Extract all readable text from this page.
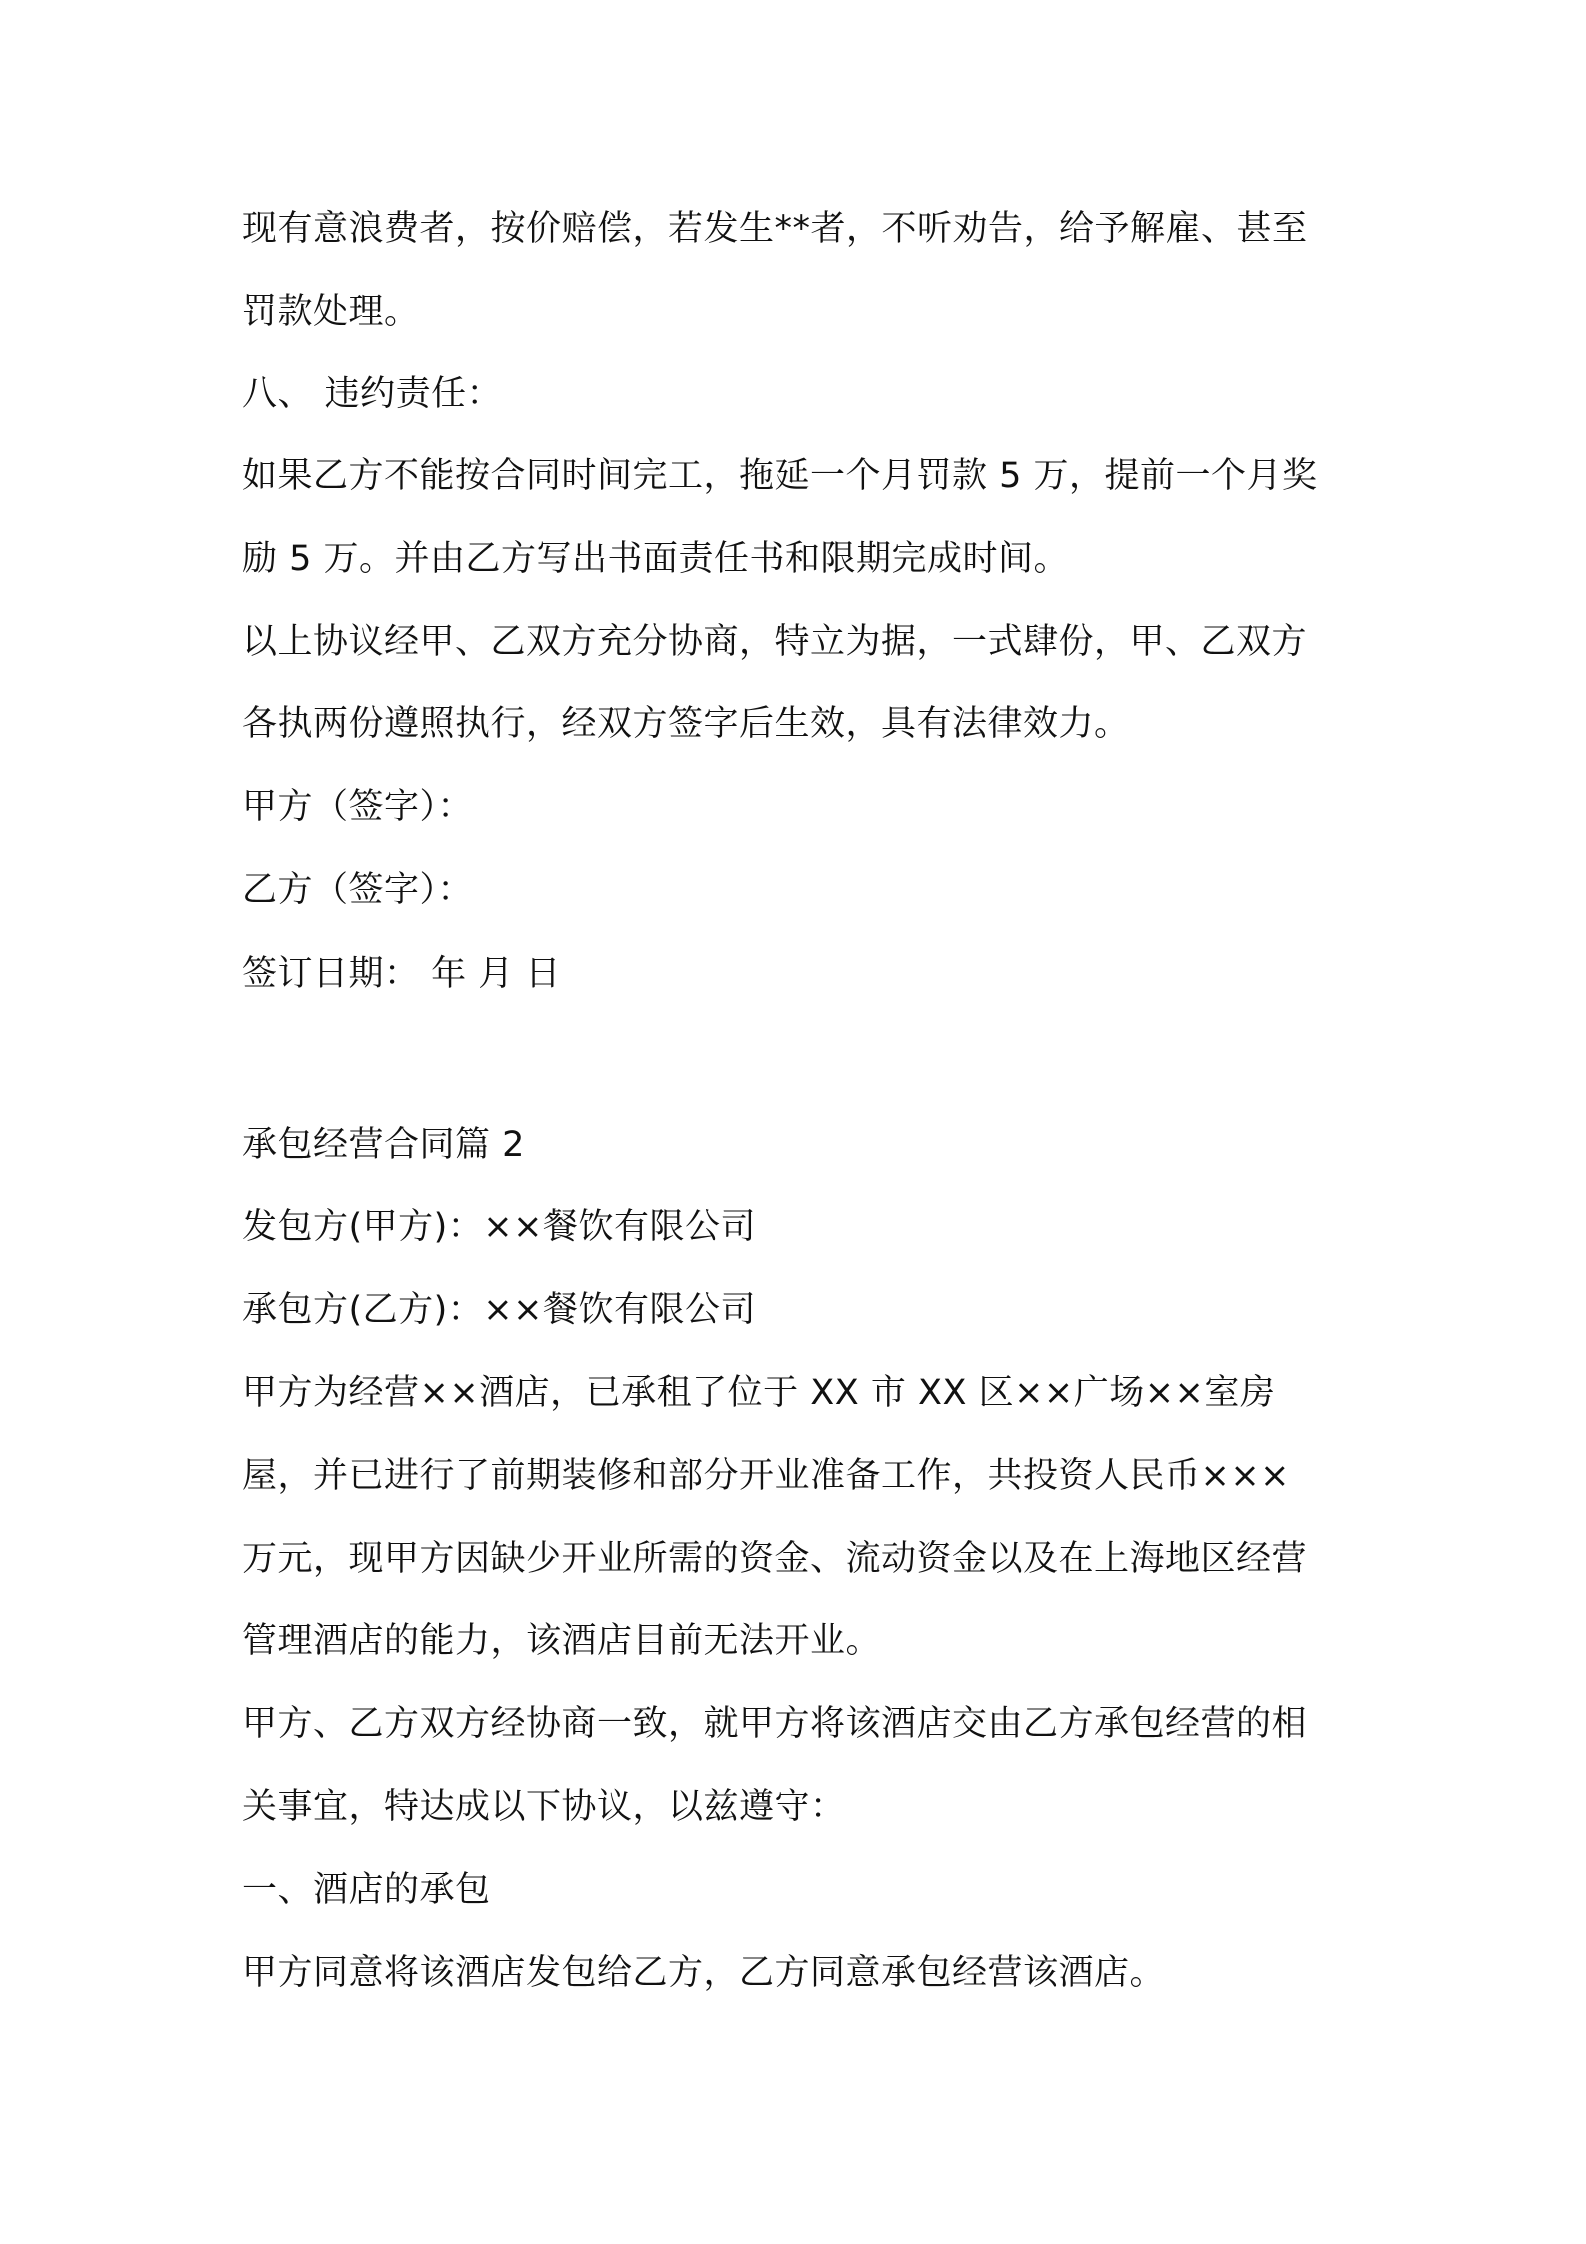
现有意浪费者，按价赔偿，若发生**者，不听劝告，给予解雇、甚至
罚款处理。
八、 违约责任：
如果乙方不能按合同时间完工，拖延一个月罚款 5 万，提前一个月奖
励 5 万。并由乙方写出书面责任书和限期完成时间。
以上协议经甲、乙双方充分协商，特立为据，一式肆份，甲、乙双方
各执两份遵照执行，经双方签字后生效，具有法律效力。
甲方（签字）：
乙方（签字）：
签订日期： 年 月 日
承包经营合同篇 2
发包方(甲方)：××餐饮有限公司
承包方(乙方)：××餐饮有限公司
甲方为经营××酒店，已承租了位于 XX 市 XX 区××广场××室房
屋，并已进行了前期装修和部分开业准备工作，共投资人民币×××
万元，现甲方因缺少开业所需的资金、流动资金以及在上海地区经营
管理酒店的能力，该酒店目前无法开业。
甲方、乙方双方经协商一致，就甲方将该酒店交由乙方承包经营的相
关事宜，特达成以下协议，以兹遵守：
一、酒店的承包
甲方同意将该酒店发包给乙方，乙方同意承包经营该酒店。
